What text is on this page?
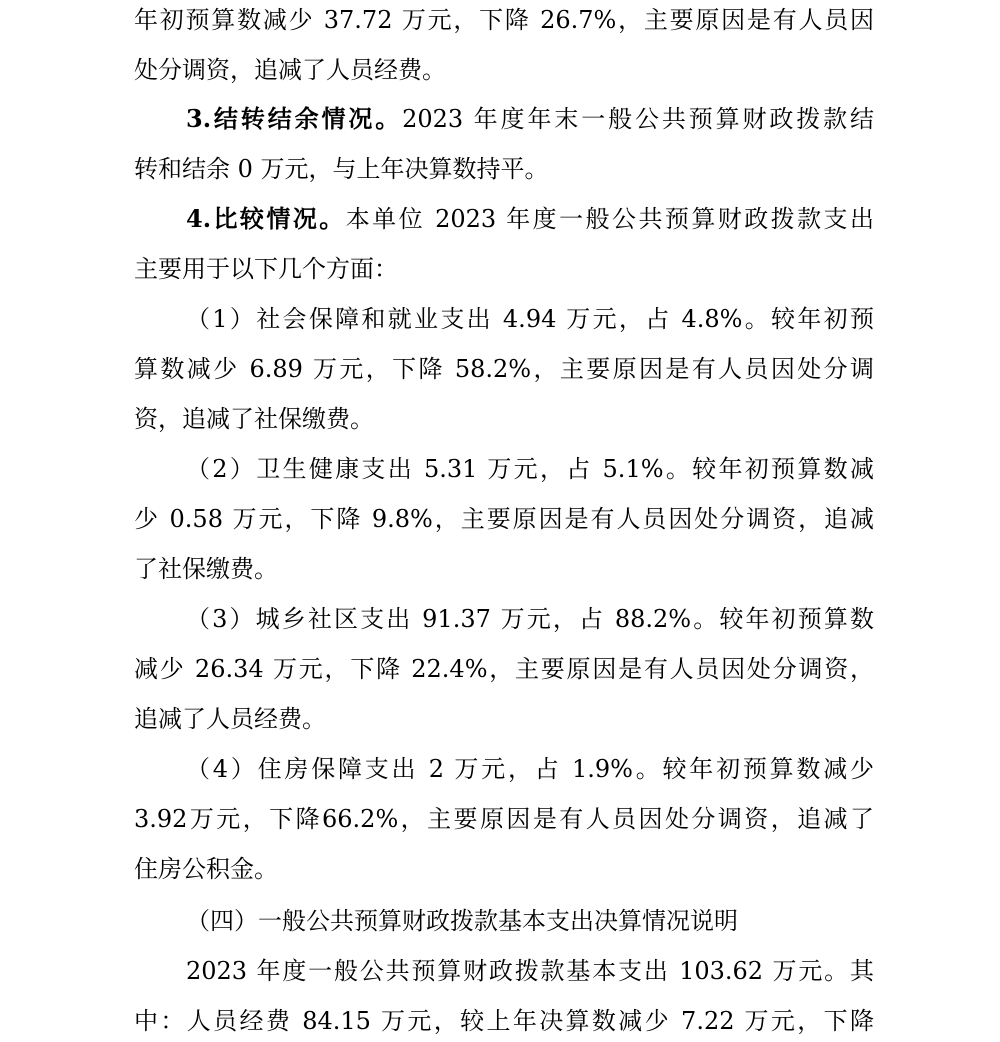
年初预算数减少 37.72 万元，下降 26.7%，主要原因是有人员因
处分调资，追减了人员经费。
3.结转结余情况。2023 年度年末一般公共预算财政拨款结
转和结余 0 万元，与上年决算数持平。
4.比较情况。本单位 2023 年度一般公共预算财政拨款支出
主要用于以下几个方面：
（1）社会保障和就业支出 4.94 万元，占 4.8%。较年初预
算数减少 6.89 万元，下降 58.2%，主要原因是有人员因处分调
资，追减了社保缴费。
（2）卫生健康支出 5.31 万元，占 5.1%。较年初预算数减
少 0.58 万元，下降 9.8%，主要原因是有人员因处分调资，追减
了社保缴费。
（3）城乡社区支出 91.37 万元，占 88.2%。较年初预算数
减少 26.34 万元，下降 22.4%，主要原因是有人员因处分调资，
追减了人员经费。
（4）住房保障支出 2 万元，占 1.9%。较年初预算数减少
3.92万元，下降66.2%，主要原因是有人员因处分调资，追减了
住房公积金。
（四）一般公共预算财政拨款基本支出决算情况说明
2023 年度一般公共预算财政拨款基本支出 103.62 万元。其
中：人员经费 84.15 万元，较上年决算数减少 7.22 万元，下降
